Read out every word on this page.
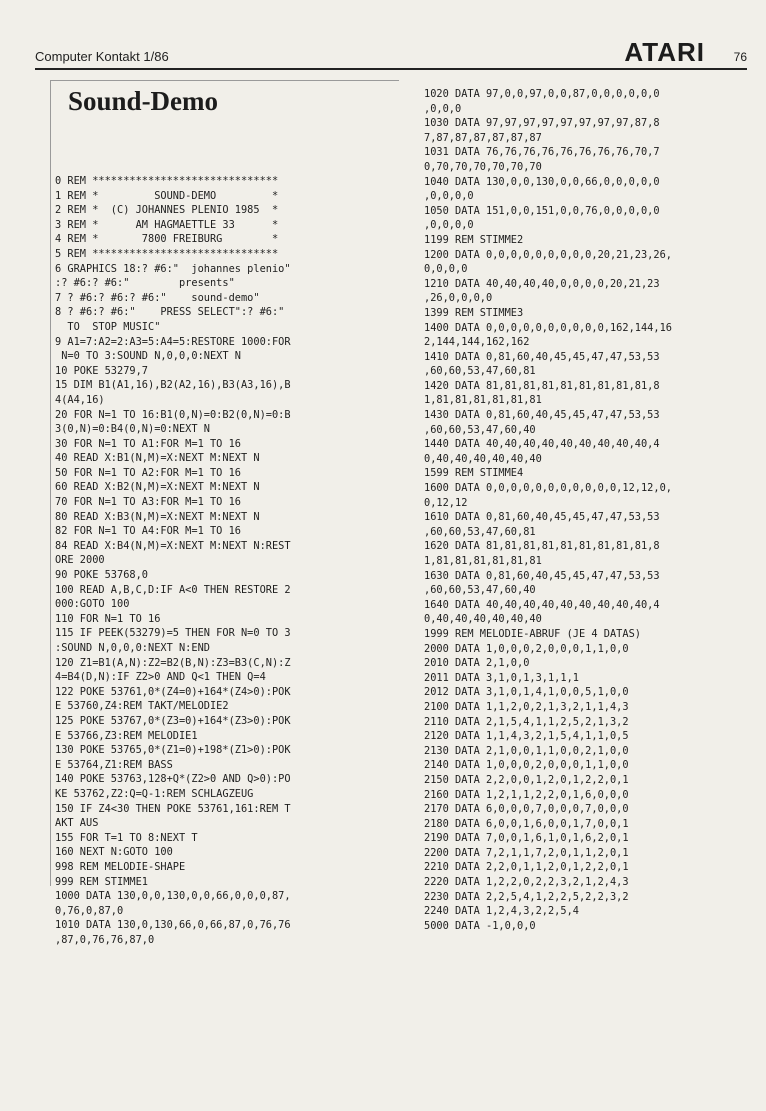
Computer Kontakt 1/86	ATARI 76
Sound-Demo
0 REM ******************************
1 REM *         SOUND-DEMO         *
2 REM *  (C) JOHANNES PLENIO 1985  *
3 REM *      AM HAGMAETTLE 33      *
4 REM *       7800 FREIBURG        *
5 REM ******************************
6 GRAPHICS 18:? #6:"  johannes plenio"
:? #6:? #6:"        presents"
7 ? #6:? #6:? #6:"    sound-demo"
8 ? #6:? #6:"    PRESS SELECT":? #6:"
TO  STOP MUSIC"
9 A1=7:A2=2:A3=5:A4=5:RESTORE 1000:FOR
N=0 TO 3:SOUND N,0,0,0:NEXT N
10 POKE 53279,7
15 DIM B1(A1,16),B2(A2,16),B3(A3,16),B
4(A4,16)
20 FOR N=1 TO 16:B1(0,N)=0:B2(0,N)=0:B
3(0,N)=0:B4(0,N)=0:NEXT N
30 FOR N=1 TO A1:FOR M=1 TO 16
40 READ X:B1(N,M)=X:NEXT M:NEXT N
50 FOR N=1 TO A2:FOR M=1 TO 16
60 READ X:B2(N,M)=X:NEXT M:NEXT N
70 FOR N=1 TO A3:FOR M=1 TO 16
80 READ X:B3(N,M)=X:NEXT M:NEXT N
82 FOR N=1 TO A4:FOR M=1 TO 16
84 READ X:B4(N,M)=X:NEXT M:NEXT N:REST
ORE 2000
90 POKE 53768,0
100 READ A,B,C,D:IF A<0 THEN RESTORE 2
000:GOTO 100
110 FOR N=1 TO 16
115 IF PEEK(53279)=5 THEN FOR N=0 TO 3
:SOUND N,0,0,0:NEXT N:END
120 Z1=B1(A,N):Z2=B2(B,N):Z3=B3(C,N):Z
4=B4(D,N):IF Z2>0 AND Q<1 THEN Q=4
122 POKE 53761,0*(Z4=0)+164*(Z4>0):POK
E 53760,Z4:REM TAKT/MELODIE2
125 POKE 53767,0*(Z3=0)+164*(Z3>0):POK
E 53766,Z3:REM MELODIE1
130 POKE 53765,0*(Z1=0)+198*(Z1>0):POK
E 53764,Z1:REM BASS
140 POKE 53763,128+Q*(Z2>0 AND Q>0):PO
KE 53762,Z2:Q=Q-1:REM SCHLAGZEUG
150 IF Z4<30 THEN POKE 53761,161:REM T
AKT AUS
155 FOR T=1 TO 8:NEXT T
160 NEXT N:GOTO 100
998 REM MELODIE-SHAPE
999 REM STIMME1
1000 DATA 130,0,0,130,0,0,66,0,0,0,87,
0,76,0,87,0
1010 DATA 130,0,130,66,0,66,87,0,76,76
,87,0,76,76,87,0
1020 DATA 97,0,0,97,0,0,87,0,0,0,0,0,0
,0,0,0
1030 DATA 97,97,97,97,97,97,97,97,87,8
7,87,87,87,87,87,87
1031 DATA 76,76,76,76,76,76,76,76,70,7
0,70,70,70,70,70,70
1040 DATA 130,0,0,130,0,0,66,0,0,0,0,0
,0,0,0,0
1050 DATA 151,0,0,151,0,0,76,0,0,0,0,0
,0,0,0,0
1199 REM STIMME2
1200 DATA 0,0,0,0,0,0,0,0,0,20,21,23,26,
0,0,0,0
1210 DATA 40,40,40,40,0,0,0,0,20,21,23
,26,0,0,0,0
1399 REM STIMME3
1400 DATA 0,0,0,0,0,0,0,0,0,0,162,144,16
2,144,144,162,162
1410 DATA 0,81,60,40,45,45,47,47,53,53
,60,60,53,47,60,81
1420 DATA 81,81,81,81,81,81,81,81,81,8
1,81,81,81,81,81,81
1430 DATA 0,81,60,40,45,45,47,47,53,53
,60,60,53,47,60,40
1440 DATA 40,40,40,40,40,40,40,40,40,4
0,40,40,40,40,40,40
1599 REM STIMME4
1600 DATA 0,0,0,0,0,0,0,0,0,0,0,12,12,0,
0,12,12
1610 DATA 0,81,60,40,45,45,47,47,53,53
,60,60,53,47,60,81
1620 DATA 81,81,81,81,81,81,81,81,81,8
1,81,81,81,81,81,81
1630 DATA 0,81,60,40,45,45,47,47,53,53
,60,60,53,47,60,40
1640 DATA 40,40,40,40,40,40,40,40,40,4
0,40,40,40,40,40,40
1999 REM MELODIE-ABRUF (JE 4 DATAS)
2000 DATA 1,0,0,0,2,0,0,0,1,1,0,0
2010 DATA 2,1,0,0
2011 DATA 3,1,0,1,3,1,1,1
2012 DATA 3,1,0,1,4,1,0,0,5,1,0,0
2100 DATA 1,1,2,0,2,1,3,2,1,1,4,3
2110 DATA 2,1,5,4,1,1,2,5,2,1,3,2
2120 DATA 1,1,4,3,2,1,5,4,1,1,0,5
2130 DATA 2,1,0,0,1,1,0,0,2,1,0,0
2140 DATA 1,0,0,0,2,0,0,0,1,1,0,0
2150 DATA 2,2,0,0,1,2,0,1,2,2,0,1
2160 DATA 1,2,1,1,2,2,0,1,6,0,0,0
2170 DATA 6,0,0,0,7,0,0,0,7,0,0,0
2180 DATA 6,0,0,1,6,0,0,1,7,0,0,1
2190 DATA 7,0,0,1,6,1,0,1,6,2,0,1
2200 DATA 7,2,1,1,7,2,0,1,1,2,0,1
2210 DATA 2,2,0,1,1,2,0,1,2,2,0,1
2220 DATA 1,2,2,0,2,2,3,2,1,2,4,3
2230 DATA 2,2,5,4,1,2,2,5,2,2,3,2
2240 DATA 1,2,4,3,2,2,5,4
5000 DATA -1,0,0,0
